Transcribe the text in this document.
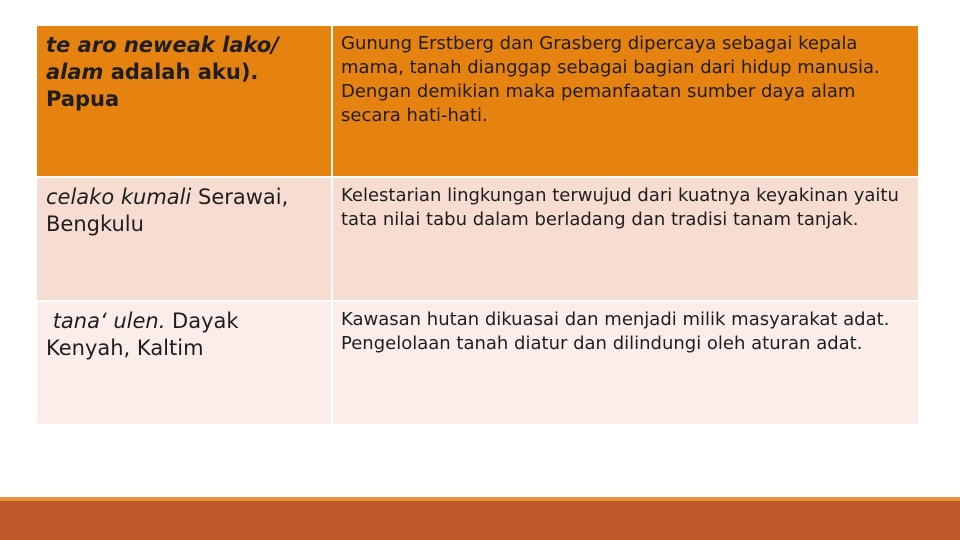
te aro neweak lako/ alam adalah aku). Papua
Gunung Erstberg dan Grasberg dipercaya sebagai kepala mama, tanah dianggap sebagai bagian dari hidup manusia. Dengan demikian maka pemanfaatan sumber daya alam secara hati-hati.
celako kumali Serawai, Bengkulu
Kelestarian lingkungan terwujud dari kuatnya keyakinan yaitu tata nilai tabu dalam berladang dan tradisi tanam tanjak.
tana‘ ulen. Dayak Kenyah, Kaltim
Kawasan hutan dikuasai dan menjadi milik masyarakat adat. Pengelolaan tanah diatur dan dilindungi oleh aturan adat.
